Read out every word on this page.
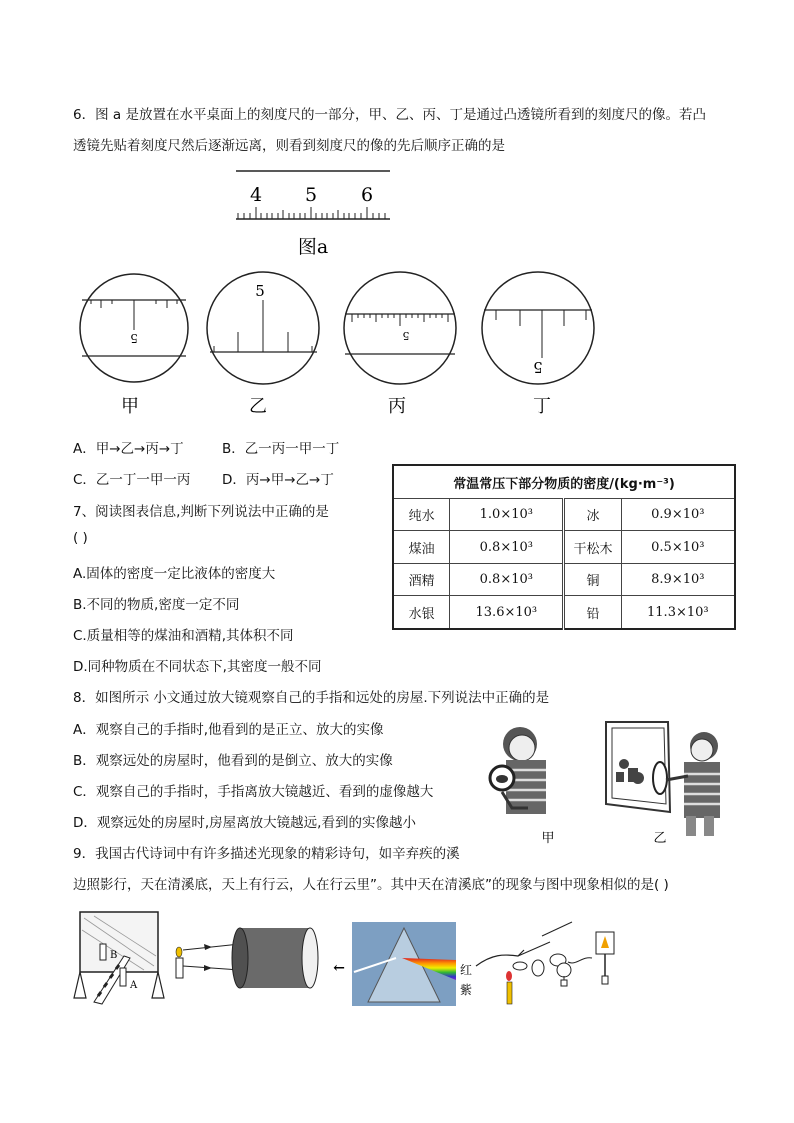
6．图 a 是放置在水平桌面上的刻度尺的一部分，甲、乙、丙、丁是通过凸透镜所看到的刻度尺的像。若凸
透镜先贴着刻度尺然后逐渐远离，则看到刻度尺的像的先后顺序正确的是
4 5 6
图a
5
甲
5
乙
5
丙
5
丁
A．甲→乙→丙→丁	B．乙一丙一甲一丁
C．乙一丁一甲一丙 D．丙→甲→乙→丁
7、阅读图表信息,判断下列说法中正确的是
( )
A.固体的密度一定比液体的密度大
B.不同的物质,密度一定不同
C.质量相等的煤油和酒精,其体积不同
D.同种物质在不同状态下,其密度一般不同
常温常压下部分物质的密度/(kg·m⁻³)			
纯水	1.0×10³	冰	0.9×10³
煤油	0.8×10³	干松木	0.5×10³
酒精	0.8×10³	铜	8.9×10³
水银	13.6×10³	铅	11.3×10³
8．如图所示 小文通过放大镜观察自己的手指和远处的房屋.下列说法中正确的是
A．观察自己的手指时,他看到的是正立、放大的实像
B．观察远处的房屋时，他看到的是倒立、放大的实像
C．观察自己的手指时，手指离放大镜越近、看到的虚像越大
D．观察远处的房屋时,房屋离放大镜越远,看到的实像越小
甲	乙
9．我国古代诗词中有许多描述光现象的精彩诗句，如辛弃疾的溪
边照影行，天在清溪底，天上有行云，人在行云里”。其中天在清溪底”的现象与图中现象相似的是( )
B
A
↓	红
紫
